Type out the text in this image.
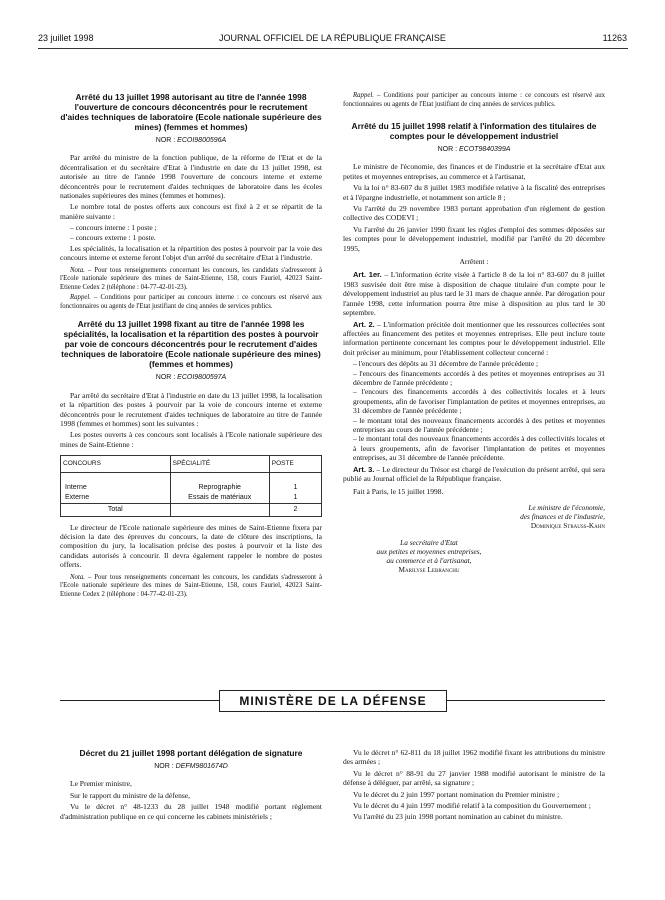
23 juillet 1998	JOURNAL OFFICIEL DE LA RÉPUBLIQUE FRANÇAISE	11263
Arrêté du 13 juillet 1998 autorisant au titre de l'année 1998 l'ouverture de concours déconcentrés pour le recrutement d'aides techniques de laboratoire (Ecole nationale supérieure des mines) (femmes et hommes)
NOR : ECOI9800596A

Par arrêté du ministre de la fonction publique, de la réforme de l'Etat et de la décentralisation et du secrétaire d'Etat à l'industrie en date du 13 juillet 1998, est autorisée au titre de l'année 1998 l'ouverture de concours interne et externe déconcentrés pour le recrutement d'aides techniques de laboratoire dans les écoles nationales supérieures des mines (femmes et hommes).

Le nombre total de postes offerts aux concours est fixé à 2 et se répartit de la manière suivante :

– concours interne : 1 poste ;
– concours externe : 1 poste.

Les spécialités, la localisation et la répartition des postes à pourvoir par la voie des concours interne et externe feront l'objet d'un arrêté du secrétaire d'Etat à l'industrie.

Nota. – Pour tous renseignements concernant les concours, les candidats s'adresseront à l'Ecole nationale supérieure des mines de Saint-Etienne, 158, cours Fauriel, 42023 Saint-Etienne Cedex 2 (téléphone : 04-77-42-01-23).

Rappel. – Conditions pour participer au concours interne : ce concours est réservé aux fonctionnaires ou agents de l'Etat justifiant de cinq années de services publics.

Arrêté du 13 juillet 1998 fixant au titre de l'année 1998 les spécialités, la localisation et la répartition des postes à pourvoir par voie de concours déconcentrés pour le recrutement d'aides techniques de laboratoire (Ecole nationale supérieure des mines) (femmes et hommes)
NOR : ECOI9800597A

Par arrêté du secrétaire d'Etat à l'industrie en date du 13 juillet 1998, la localisation et la répartition des postes à pourvoir par la voie de concours interne et externe déconcentrés pour le recrutement d'aides techniques de laboratoire au titre de l'année 1998 (femmes et hommes) sont les suivantes :

Les postes ouverts à ces concours sont localisés à l'Ecole nationale supérieure des mines de Saint-Etienne :

CONCOURS	SPÉCIALITÉ	POSTE

Interne	Reprographie	1
Externe	Essais de matériaux	1
Total		2

Le directeur de l'Ecole nationale supérieure des mines de Saint-Etienne fixera par décision la date des épreuves du concours, la date de clôture des inscriptions, la composition du jury, la localisation précise des postes à pourvoir et la liste des candidats autorisés à concourir. Il devra également rappeler le nombre de postes offerts.

Nota. – Pour tous renseignements concernant les concours, les candidats s'adresseront à l'Ecole nationale supérieure des mines de Saint-Etienne, 158, cours Fauriel, 42023 Saint-Etienne Cedex 2 (téléphone : 04-77-42-01-23).

Rappel. – Conditions pour participer au concours interne : ce concours est réservé aux fonctionnaires ou agents de l'Etat justifiant de cinq années de services publics.

Arrêté du 15 juillet 1998 relatif à l'information des titulaires de comptes pour le développement industriel
NOR : ECOT9840399A

Le ministre de l'économie, des finances et de l'industrie et la secrétaire d'Etat aux petites et moyennes entreprises, au commerce et à l'artisanat,

Vu la loi n° 83-607 du 8 juillet 1983 modifiée relative à la fiscalité des entreprises et à l'épargne industrielle, et notamment son article 8 ;

Vu l'arrêté du 29 novembre 1983 portant approbation d'un règlement de gestion collective des CODEVI ;

Vu l'arrêté du 26 janvier 1990 fixant les règles d'emploi des sommes déposées sur les comptes pour le développement industriel, modifié par l'arrêté du 20 décembre 1995,

Arrêtent :

Art. 1er. – L'information écrite visée à l'article 8 de la loi n° 83-607 du 8 juillet 1983 susvisée doit être mise à disposition de chaque titulaire d'un compte pour le développement industriel au plus tard le 31 mars de chaque année. Par dérogation pour l'année 1998, cette information pourra être mise à disposition au plus tard le 30 septembre.

Art. 2. – L'information précitée doit mentionner que les ressources collectées sont affectées au financement des petites et moyennes entreprises. Elle peut inclure toute information pertinente concernant les comptes pour le développement industriel. Elle doit préciser au minimum, pour l'établissement collecteur concerné :

– l'encours des dépôts au 31 décembre de l'année précédente ;
– l'encours des financements accordés à des petites et moyennes entreprises au 31 décembre de l'année précédente ;
– l'encours des financements accordés à des collectivités locales et à leurs groupements, afin de favoriser l'implantation de petites et moyennes entreprises, au 31 décembre de l'année précédente ;
– le montant total des nouveaux financements accordés à des petites et moyennes entreprises au cours de l'année précédente ;
– le montant total des nouveaux financements accordés à des collectivités locales et à leurs groupements, afin de favoriser l'implantation de petites et moyennes entreprises, au 31 décembre de l'année précédente.

Art. 3. – Le directeur du Trésor est chargé de l'exécution du présent arrêté, qui sera publié au Journal officiel de la République française.

Fait à Paris, le 15 juillet 1998.

Le ministre de l'économie,
des finances et de l'industrie,
Dominique Strauss-Kahn
La secrétaire d'Etat
aux petites et moyennes entreprises,
au commerce et à l'artisanat,
Marilyse Lebranchu
MINISTÈRE DE LA DÉFENSE
Décret du 21 juillet 1998 portant délégation de signature
NOR : DEFM9801674D

Le Premier ministre,

Sur le rapport du ministre de la défense,

Vu le décret n° 48-1233 du 28 juillet 1948 modifié portant règlement d'administration publique en ce qui concerne les cabinets ministériels ;

Vu le décret n° 62-811 du 18 juillet 1962 modifié fixant les attributions du ministre des armées ;

Vu le décret n° 88-91 du 27 janvier 1988 modifié autorisant le ministre de la défense à déléguer, par arrêté, sa signature ;

Vu le décret du 2 juin 1997 portant nomination du Premier ministre ;

Vu le décret du 4 juin 1997 modifié relatif à la composition du Gouvernement ;

Vu l'arrêté du 23 juin 1998 portant nomination au cabinet du ministre.
